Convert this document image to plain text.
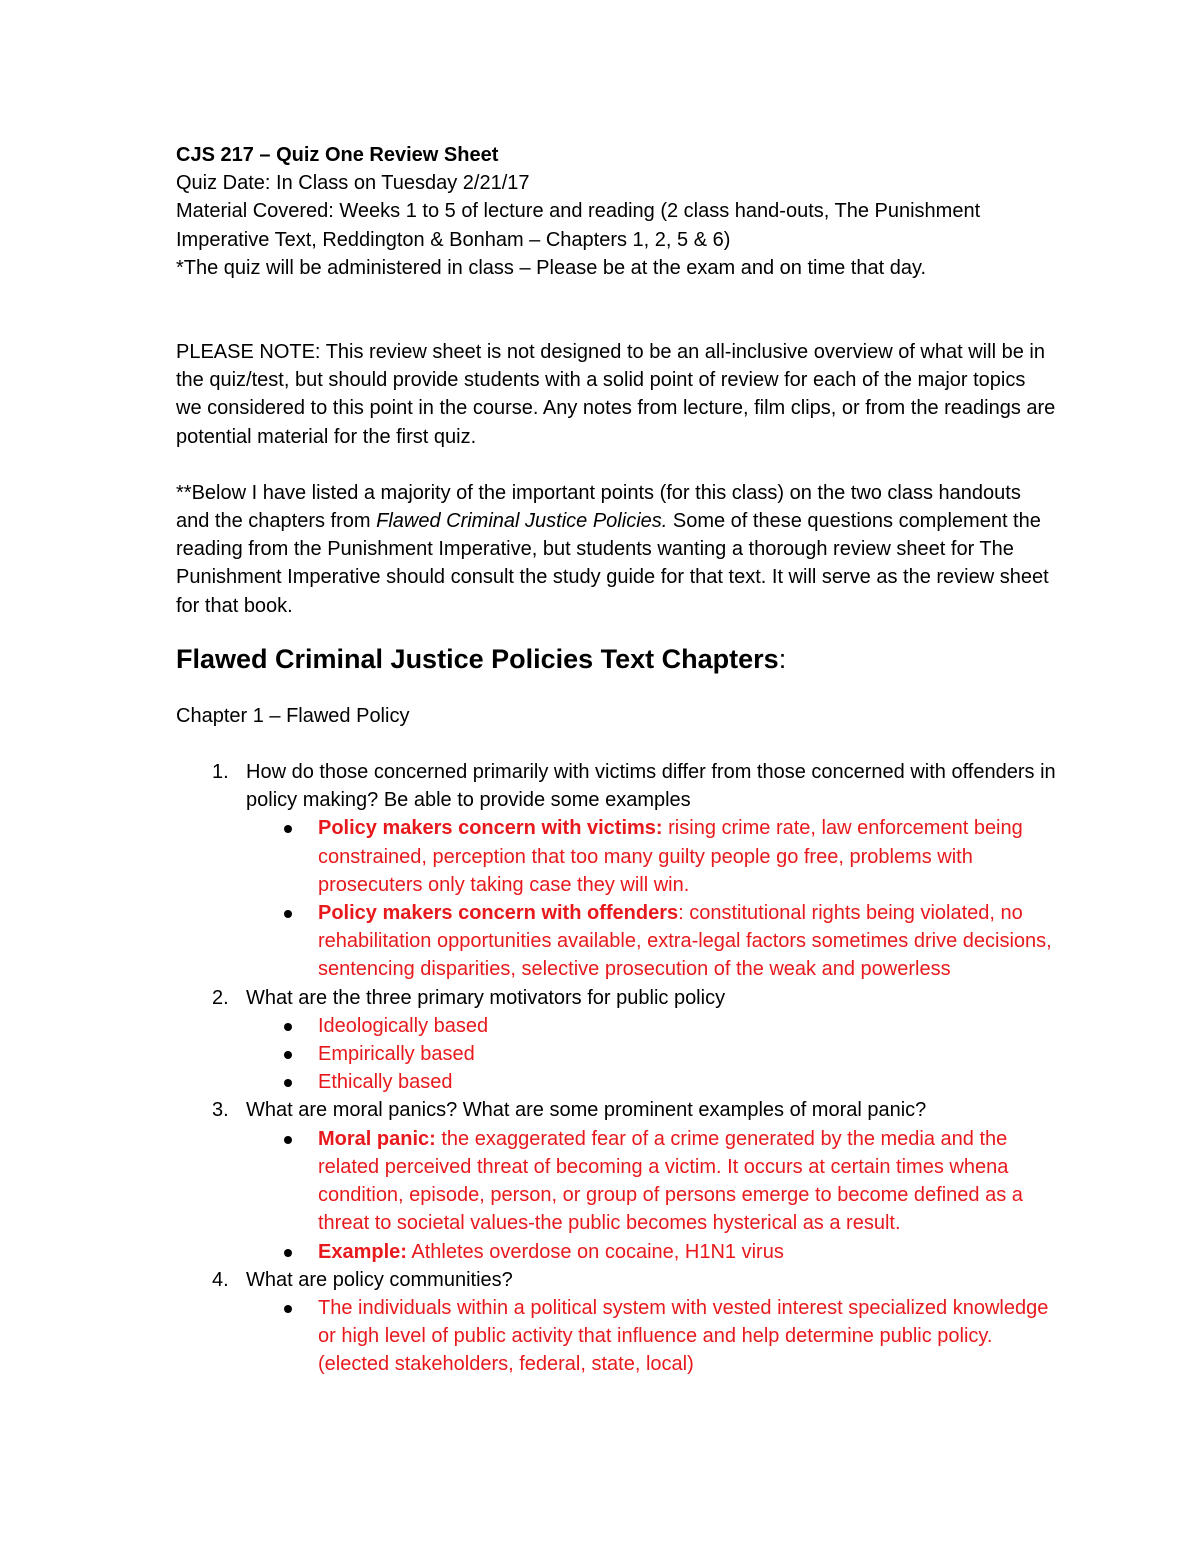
CJS 217 – Quiz One Review Sheet

Quiz Date: In Class on Tuesday 2/21/17

Material Covered: Weeks 1 to 5 of lecture and reading (2 class hand-outs, The Punishment Imperative Text, Reddington & Bonham – Chapters 1, 2, 5 & 6)

*The quiz will be administered in class – Please be at the exam and on time that day.

PLEASE NOTE: This review sheet is not designed to be an all-inclusive overview of what will be in the quiz/test, but should provide students with a solid point of review for each of the major topics we considered to this point in the course. Any notes from lecture, film clips, or from the readings are potential material for the first quiz.

**Below I have listed a majority of the important points (for this class) on the two class handouts and the chapters from Flawed Criminal Justice Policies. Some of these questions complement the reading from the Punishment Imperative, but students wanting a thorough review sheet for The Punishment Imperative should consult the study guide for that text. It will serve as the review sheet for that book.

Flawed Criminal Justice Policies Text Chapters:

Chapter 1 – Flawed Policy

1. How do those concerned primarily with victims differ from those concerned with offenders in policy making? Be able to provide some examples
Policy makers concern with victims: rising crime rate, law enforcement being constrained, perception that too many guilty people go free, problems with prosecuters only taking case they will win.
Policy makers concern with offenders: constitutional rights being violated, no rehabilitation opportunities available, extra-legal factors sometimes drive decisions, sentencing disparities, selective prosecution of the weak and powerless
2. What are the three primary motivators for public policy
Ideologically based
Empirically based
Ethically based
3. What are moral panics? What are some prominent examples of moral panic?
Moral panic: the exaggerated fear of a crime generated by the media and the related perceived threat of becoming a victim. It occurs at certain times whena condition, episode, person, or group of persons emerge to become defined as a threat to societal values-the public becomes hysterical as a result.
Example: Athletes overdose on cocaine, H1N1 virus
4. What are policy communities?
The individuals within a political system with vested interest specialized knowledge or high level of public activity that influence and help determine public policy. (elected stakeholders, federal, state, local)
